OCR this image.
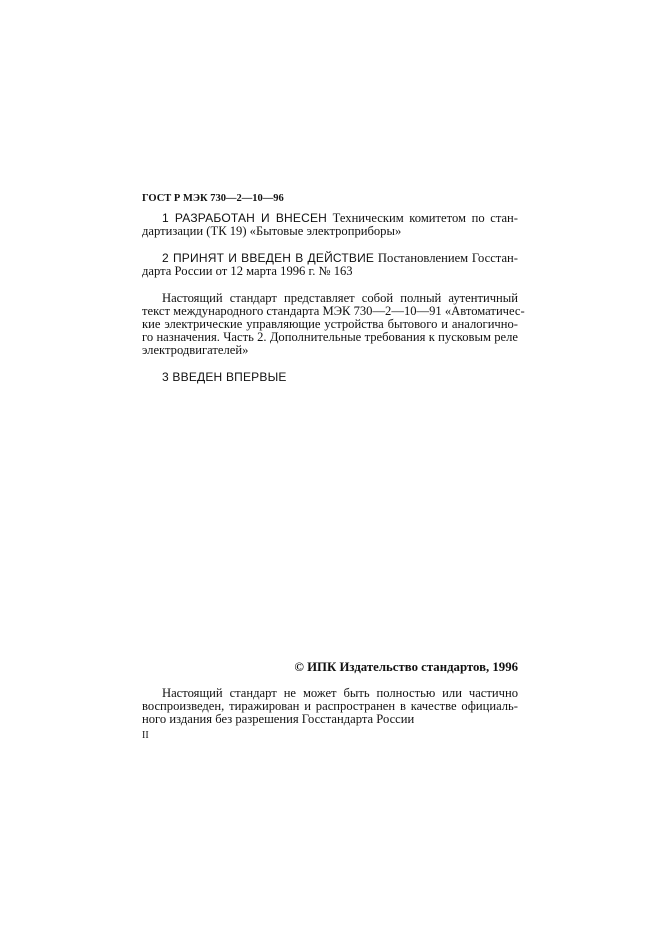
ГОСТ Р МЭК 730—2—10—96
1 РАЗРАБОТАН И ВНЕСЕН Техническим комитетом по стан-
дартизации (ТК 19) «Бытовые электроприборы»
2 ПРИНЯТ И ВВЕДЕН В ДЕЙСТВИЕ Постановлением Госстан-
дарта России от 12 марта 1996 г. № 163
Настоящий стандарт представляет собой полный аутентичный
текст международного стандарта МЭК 730—2—10—91 «Автоматичес-
кие электрические управляющие устройства бытового и аналогично-
го назначения. Часть 2. Дополнительные требования к пусковым реле
электродвигателей»
3 ВВЕДЕН ВПЕРВЫЕ
© ИПК Издательство стандартов, 1996
Настоящий стандарт не может быть полностью или частично
воспроизведен, тиражирован и распространен в качестве официаль-
ного издания без разрешения Госстандарта России
II
